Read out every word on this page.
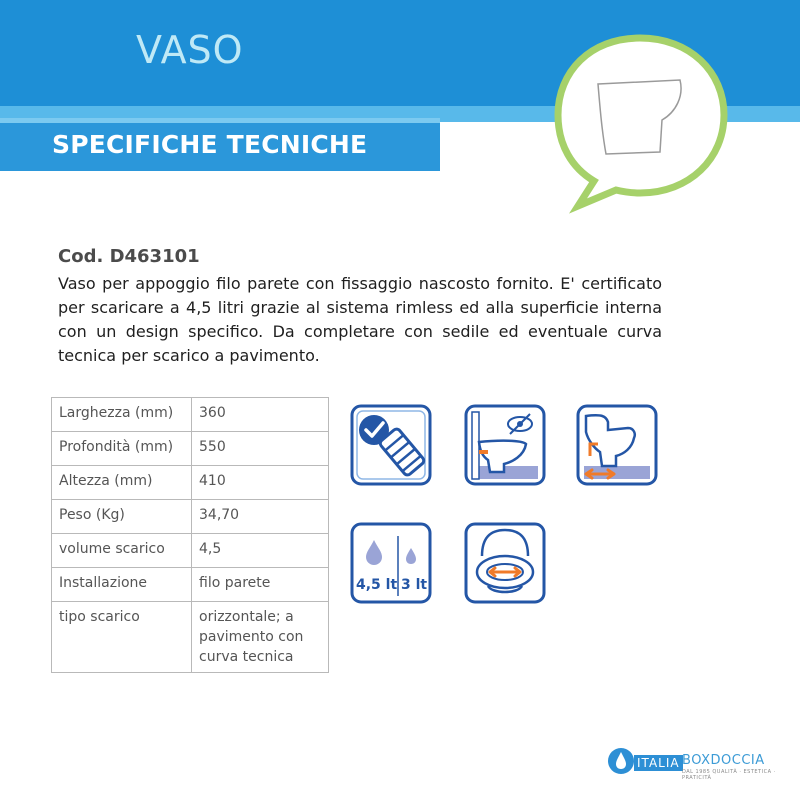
VASO
SPECIFICHE TECNICHE
Cod. D463101

Vaso per appoggio filo parete con fissaggio nascosto fornito. E' certificato per scaricare a 4,5 litri grazie al sistema rimless ed alla superficie interna con un design specifico. Da completare con sedile ed eventuale curva tecnica per scarico a pavimento.

Larghezza (mm)	360
Profondità (mm)	550
Altezza (mm)	410
Peso (Kg)	34,70
volume scarico	4,5
Installazione	filo parete
tipo scarico	orizzontale; a pavimento con curva tecnica
4,5 lt 3 lt
ITALIA BOXDOCCIA
DAL 1985 QUALITÀ · ESTETICA · PRATICITÀ
